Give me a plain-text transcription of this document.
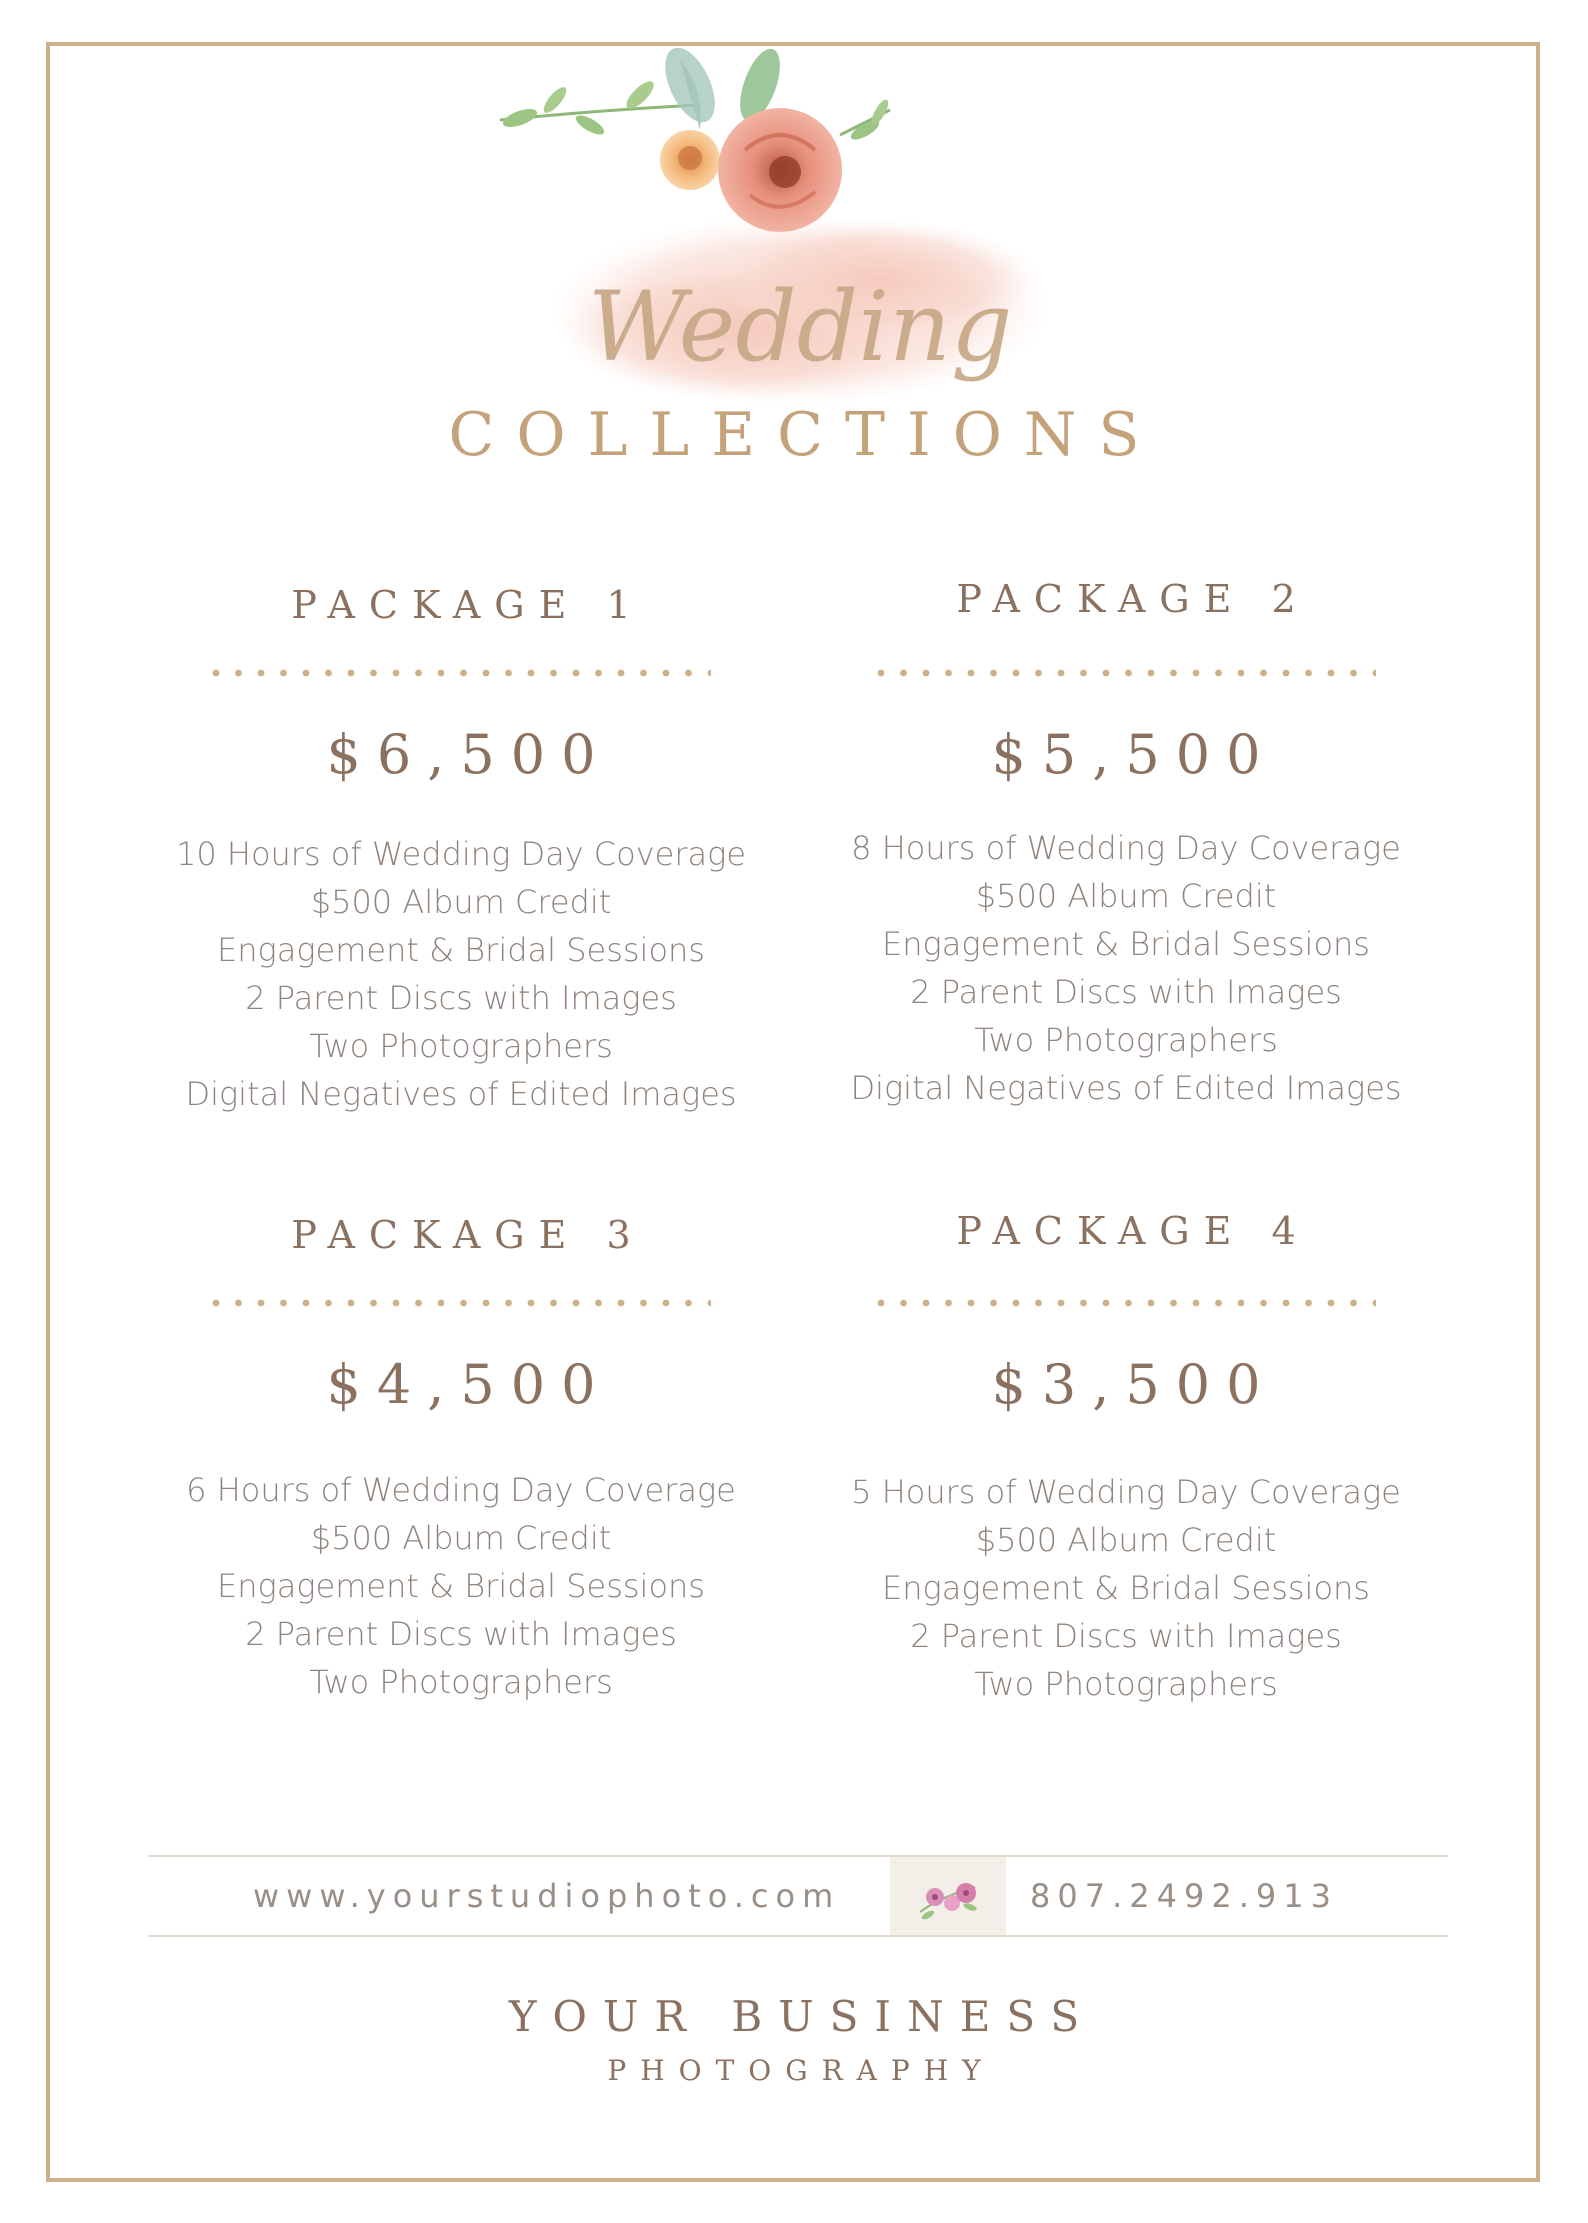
Wedding
COLLECTIONS
PACKAGE 1
$6,500
10 Hours of Wedding Day Coverage
$500 Album Credit
Engagement & Bridal Sessions
2 Parent Discs with Images
Two Photographers
Digital Negatives of Edited Images
PACKAGE 2
$5,500
8 Hours of Wedding Day Coverage
$500 Album Credit
Engagement & Bridal Sessions
2 Parent Discs with Images
Two Photographers
Digital Negatives of Edited Images
PACKAGE 3
$4,500
6 Hours of Wedding Day Coverage
$500 Album Credit
Engagement & Bridal Sessions
2 Parent Discs with Images
Two Photographers
PACKAGE 4
$3,500
5 Hours of Wedding Day Coverage
$500 Album Credit
Engagement & Bridal Sessions
2 Parent Discs with Images
Two Photographers
www.yourstudiophoto.com	807.2492.913
YOUR BUSINESS
PHOTOGRAPHY
